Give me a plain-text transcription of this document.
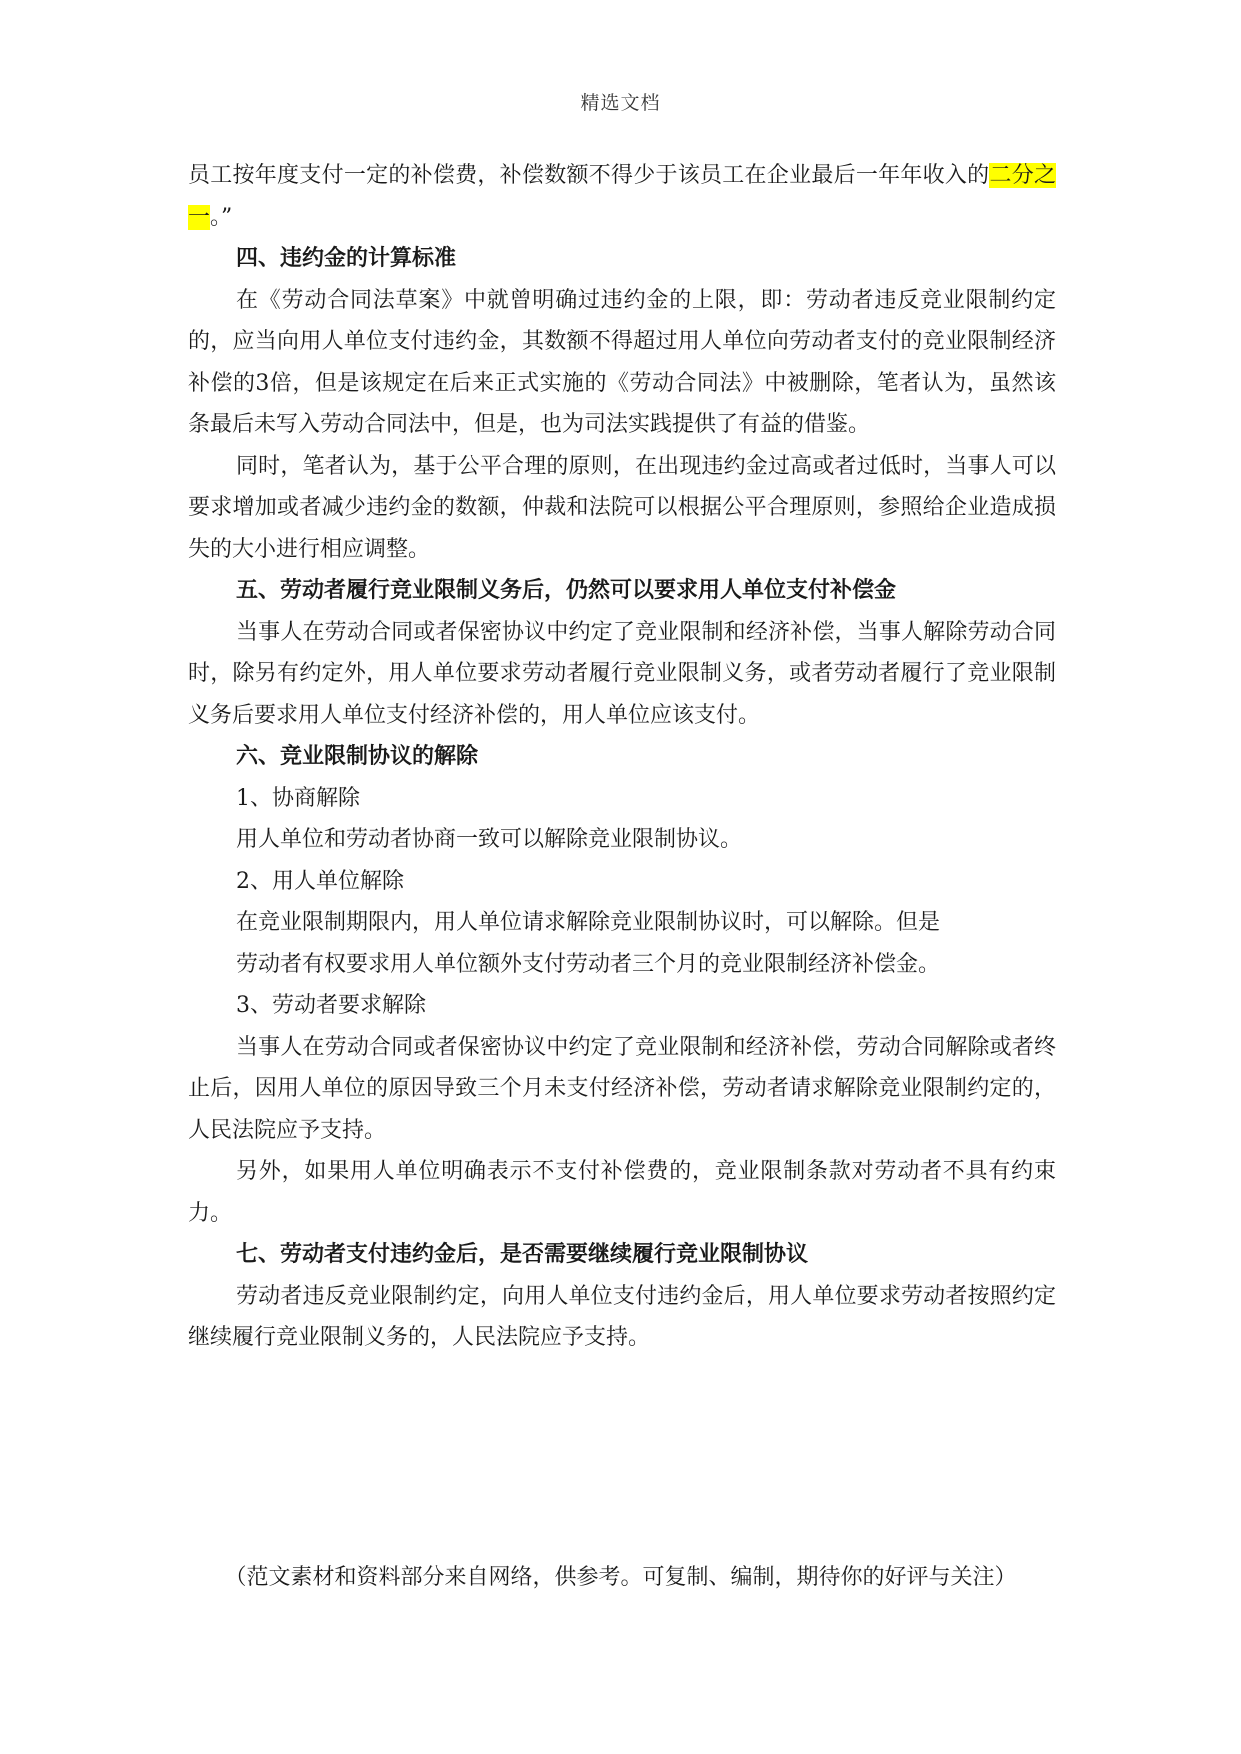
精选文档

员工按年度支付一定的补偿费，补偿数额不得少于该员工在企业最后一年年收入的二分之一。”

四、违约金的计算标准

在《劳动合同法草案》中就曾明确过违约金的上限，即：劳动者违反竞业限制约定的，应当向用人单位支付违约金，其数额不得超过用人单位向劳动者支付的竞业限制经济补偿的3倍，但是该规定在后来正式实施的《劳动合同法》中被删除，笔者认为，虽然该条最后未写入劳动合同法中，但是，也为司法实践提供了有益的借鉴。

同时，笔者认为，基于公平合理的原则，在出现违约金过高或者过低时，当事人可以要求增加或者减少违约金的数额，仲裁和法院可以根据公平合理原则，参照给企业造成损失的大小进行相应调整。

五、劳动者履行竞业限制义务后，仍然可以要求用人单位支付补偿金

当事人在劳动合同或者保密协议中约定了竞业限制和经济补偿，当事人解除劳动合同时，除另有约定外，用人单位要求劳动者履行竞业限制义务，或者劳动者履行了竞业限制义务后要求用人单位支付经济补偿的，用人单位应该支付。

六、竞业限制协议的解除

1、协商解除

用人单位和劳动者协商一致可以解除竞业限制协议。

2、用人单位解除

在竞业限制期限内，用人单位请求解除竞业限制协议时，可以解除。但是

劳动者有权要求用人单位额外支付劳动者三个月的竞业限制经济补偿金。

3、劳动者要求解除

当事人在劳动合同或者保密协议中约定了竞业限制和经济补偿，劳动合同解除或者终止后，因用人单位的原因导致三个月未支付经济补偿，劳动者请求解除竞业限制约定的，人民法院应予支持。

另外，如果用人单位明确表示不支付补偿费的，竞业限制条款对劳动者不具有约束力。

七、劳动者支付违约金后，是否需要继续履行竞业限制协议

劳动者违反竞业限制约定，向用人单位支付违约金后，用人单位要求劳动者按照约定继续履行竞业限制义务的，人民法院应予支持。

（范文素材和资料部分来自网络，供参考。可复制、编制，期待你的好评与关注）
